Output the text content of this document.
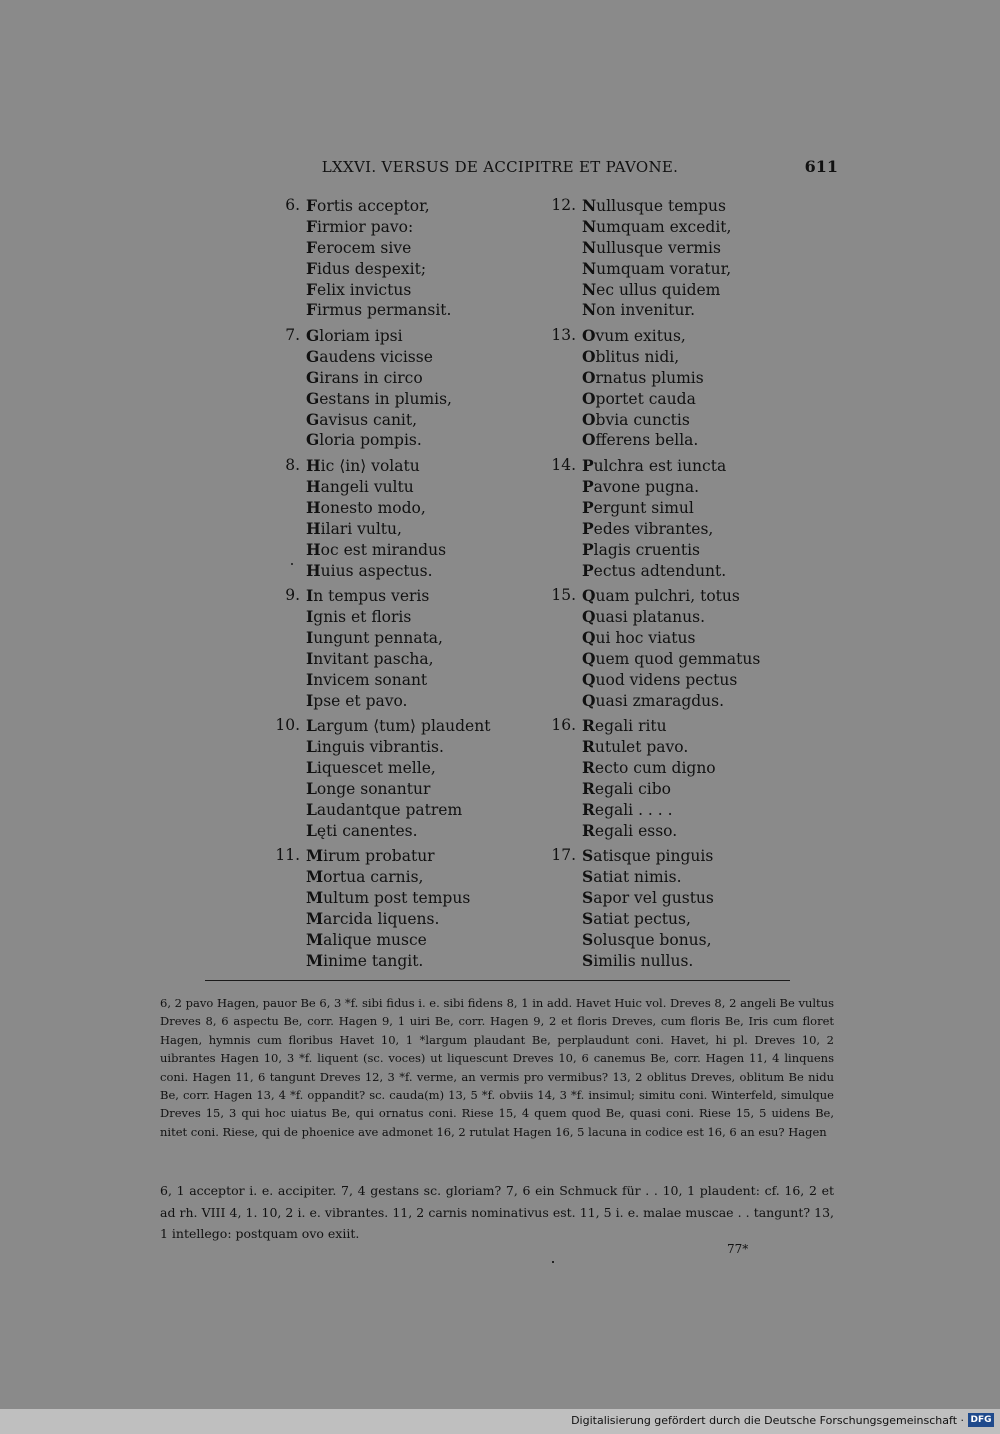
LXXVI. VERSUS DE ACCIPITRE ET PAVONE.	611
6. Fortis acceptor,
Firmior pavo:
Ferocem sive
Fidus despexit;
Felix invictus
Firmus permansit.
7. Gloriam ipsi
Gaudens vicisse
Girans in circo
Gestans in plumis,
Gavisus canit,
Gloria pompis.
8. Hic ⟨in⟩ volatu
Hangeli vultu
Honesto modo,
Hilari vultu,
Hoc est mirandus
Huius aspectus.
9. In tempus veris
Ignis et floris
Iungunt pennata,
Invitant pascha,
Invicem sonant
Ipse et pavo.
10. Largum ⟨tum⟩ plaudent
Linguis vibrantis.
Liquescet melle,
Longe sonantur
Laudantque patrem
Lęti canentes.
11. Mirum probatur
Mortua carnis,
Multum post tempus
Marcida liquens.
Malique musce
Minime tangit.
12. Nullusque tempus
Numquam excedit,
Nullusque vermis
Numquam voratur,
Nec ullus quidem
Non invenitur.
13. Ovum exitus,
Oblitus nidi,
Ornatus plumis
Oportet cauda
Obvia cunctis
Offerens bella.
14. Pulchra est iuncta
Pavone pugna.
Pergunt simul
Pedes vibrantes,
Plagis cruentis
Pectus adtendunt.
15. Quam pulchri, totus
Quasi platanus.
Qui hoc viatus
Quem quod gemmatus
Quod videns pectus
Quasi zmaragdus.
16. Regali ritu
Rutulet pavo.
Recto cum digno
Regali cibo
Regali . . . .
Regali esso.
17. Satisque pinguis
Satiat nimis.
Sapor vel gustus
Satiat pectus,
Solusque bonus,
Similis nullus.
6, 2 pavo Hagen, pauor Be 6, 3 *f. sibi fidus i. e. sibi fidens 8, 1 in add. Havet Huic vol. Dreves 8, 2 angeli Be vultus Dreves 8, 6 aspectu Be, corr. Hagen 9, 1 uiri Be, corr. Hagen 9, 2 et floris Dreves, cum floris Be, Iris cum floret Hagen, hymnis cum floribus Havet 10, 1 *largum plaudant Be, perplaudunt coni. Havet, hi pl. Dreves 10, 2 uibrantes Hagen 10, 3 *f. liquent (sc. voces) ut liquescunt Dreves 10, 6 canemus Be, corr. Hagen 11, 4 linquens coni. Hagen 11, 6 tangunt Dreves 12, 3 *f. verme, an vermis pro vermibus? 13, 2 oblitus Dreves, oblitum Be nidu Be, corr. Hagen 13, 4 *f. oppandit? sc. cauda(m) 13, 5 *f. obviis 14, 3 *f. insimul; simitu coni. Winterfeld, simulque Dreves 15, 3 qui hoc uiatus Be, qui ornatus coni. Riese 15, 4 quem quod Be, quasi coni. Riese 15, 5 uidens Be, nitet coni. Riese, qui de phoenice ave admonet 16, 2 rutulat Hagen 16, 5 lacuna in codice est 16, 6 an esu? Hagen
6, 1 acceptor i. e. accipiter. 7, 4 gestans sc. gloriam? 7, 6 ein Schmuck für . . 10, 1 plaudent: cf. 16, 2 et ad rh. VIII 4, 1. 10, 2 i. e. vibrantes. 11, 2 carnis nominativus est. 11, 5 i. e. malae muscae . . tangunt? 13, 1 intellego: postquam ovo exiit.
77*
Digitalisierung gefördert durch die Deutsche Forschungsgemeinschaft · DFG
